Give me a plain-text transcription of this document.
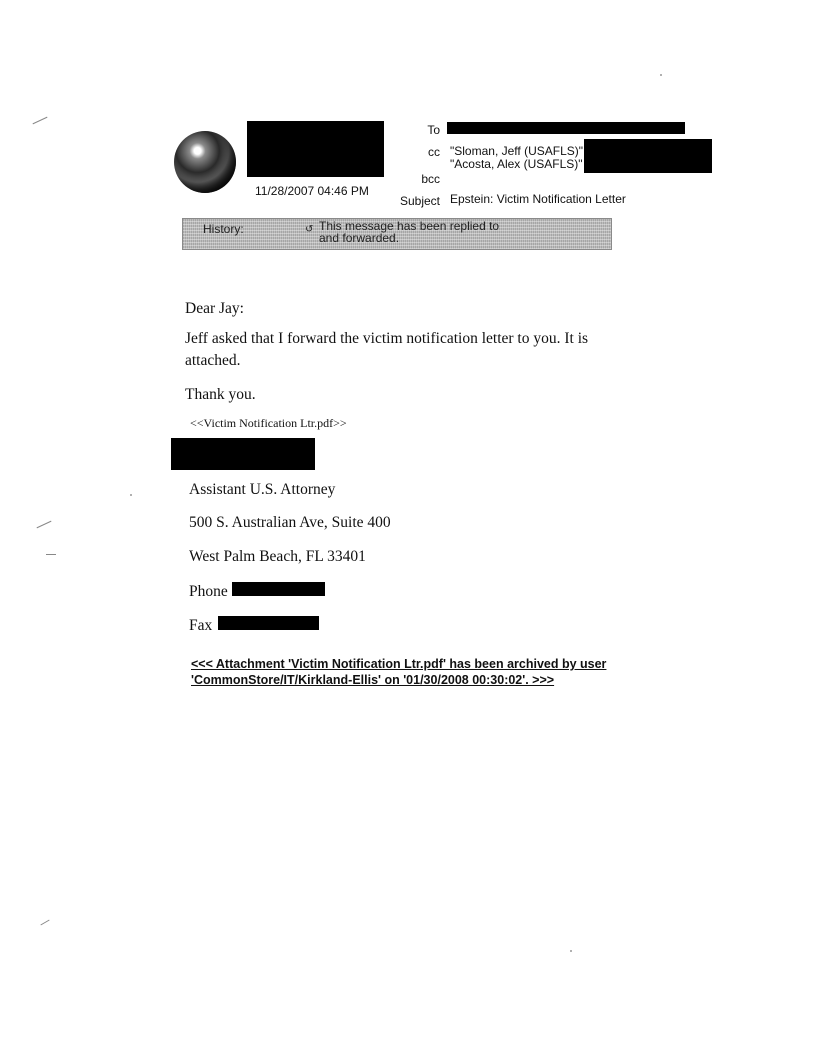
11/28/2007 04:46 PM
To
cc "Sloman, Jeff (USAFLS)"
"Acosta, Alex (USAFLS)"
bcc
Subject Epstein: Victim Notification Letter
History:	↺ This message has been replied to and forwarded.
Dear Jay:
Jeff asked that I forward the victim notification letter to you. It is attached.
Thank you.
<<Victim Notification Ltr.pdf>>
Assistant U.S. Attorney
500 S. Australian Ave, Suite 400
West Palm Beach, FL 33401
Phone
Fax
<<< Attachment 'Victim Notification Ltr.pdf' has been archived by user 'CommonStore/IT/Kirkland-Ellis' on '01/30/2008 00:30:02'. >>>
